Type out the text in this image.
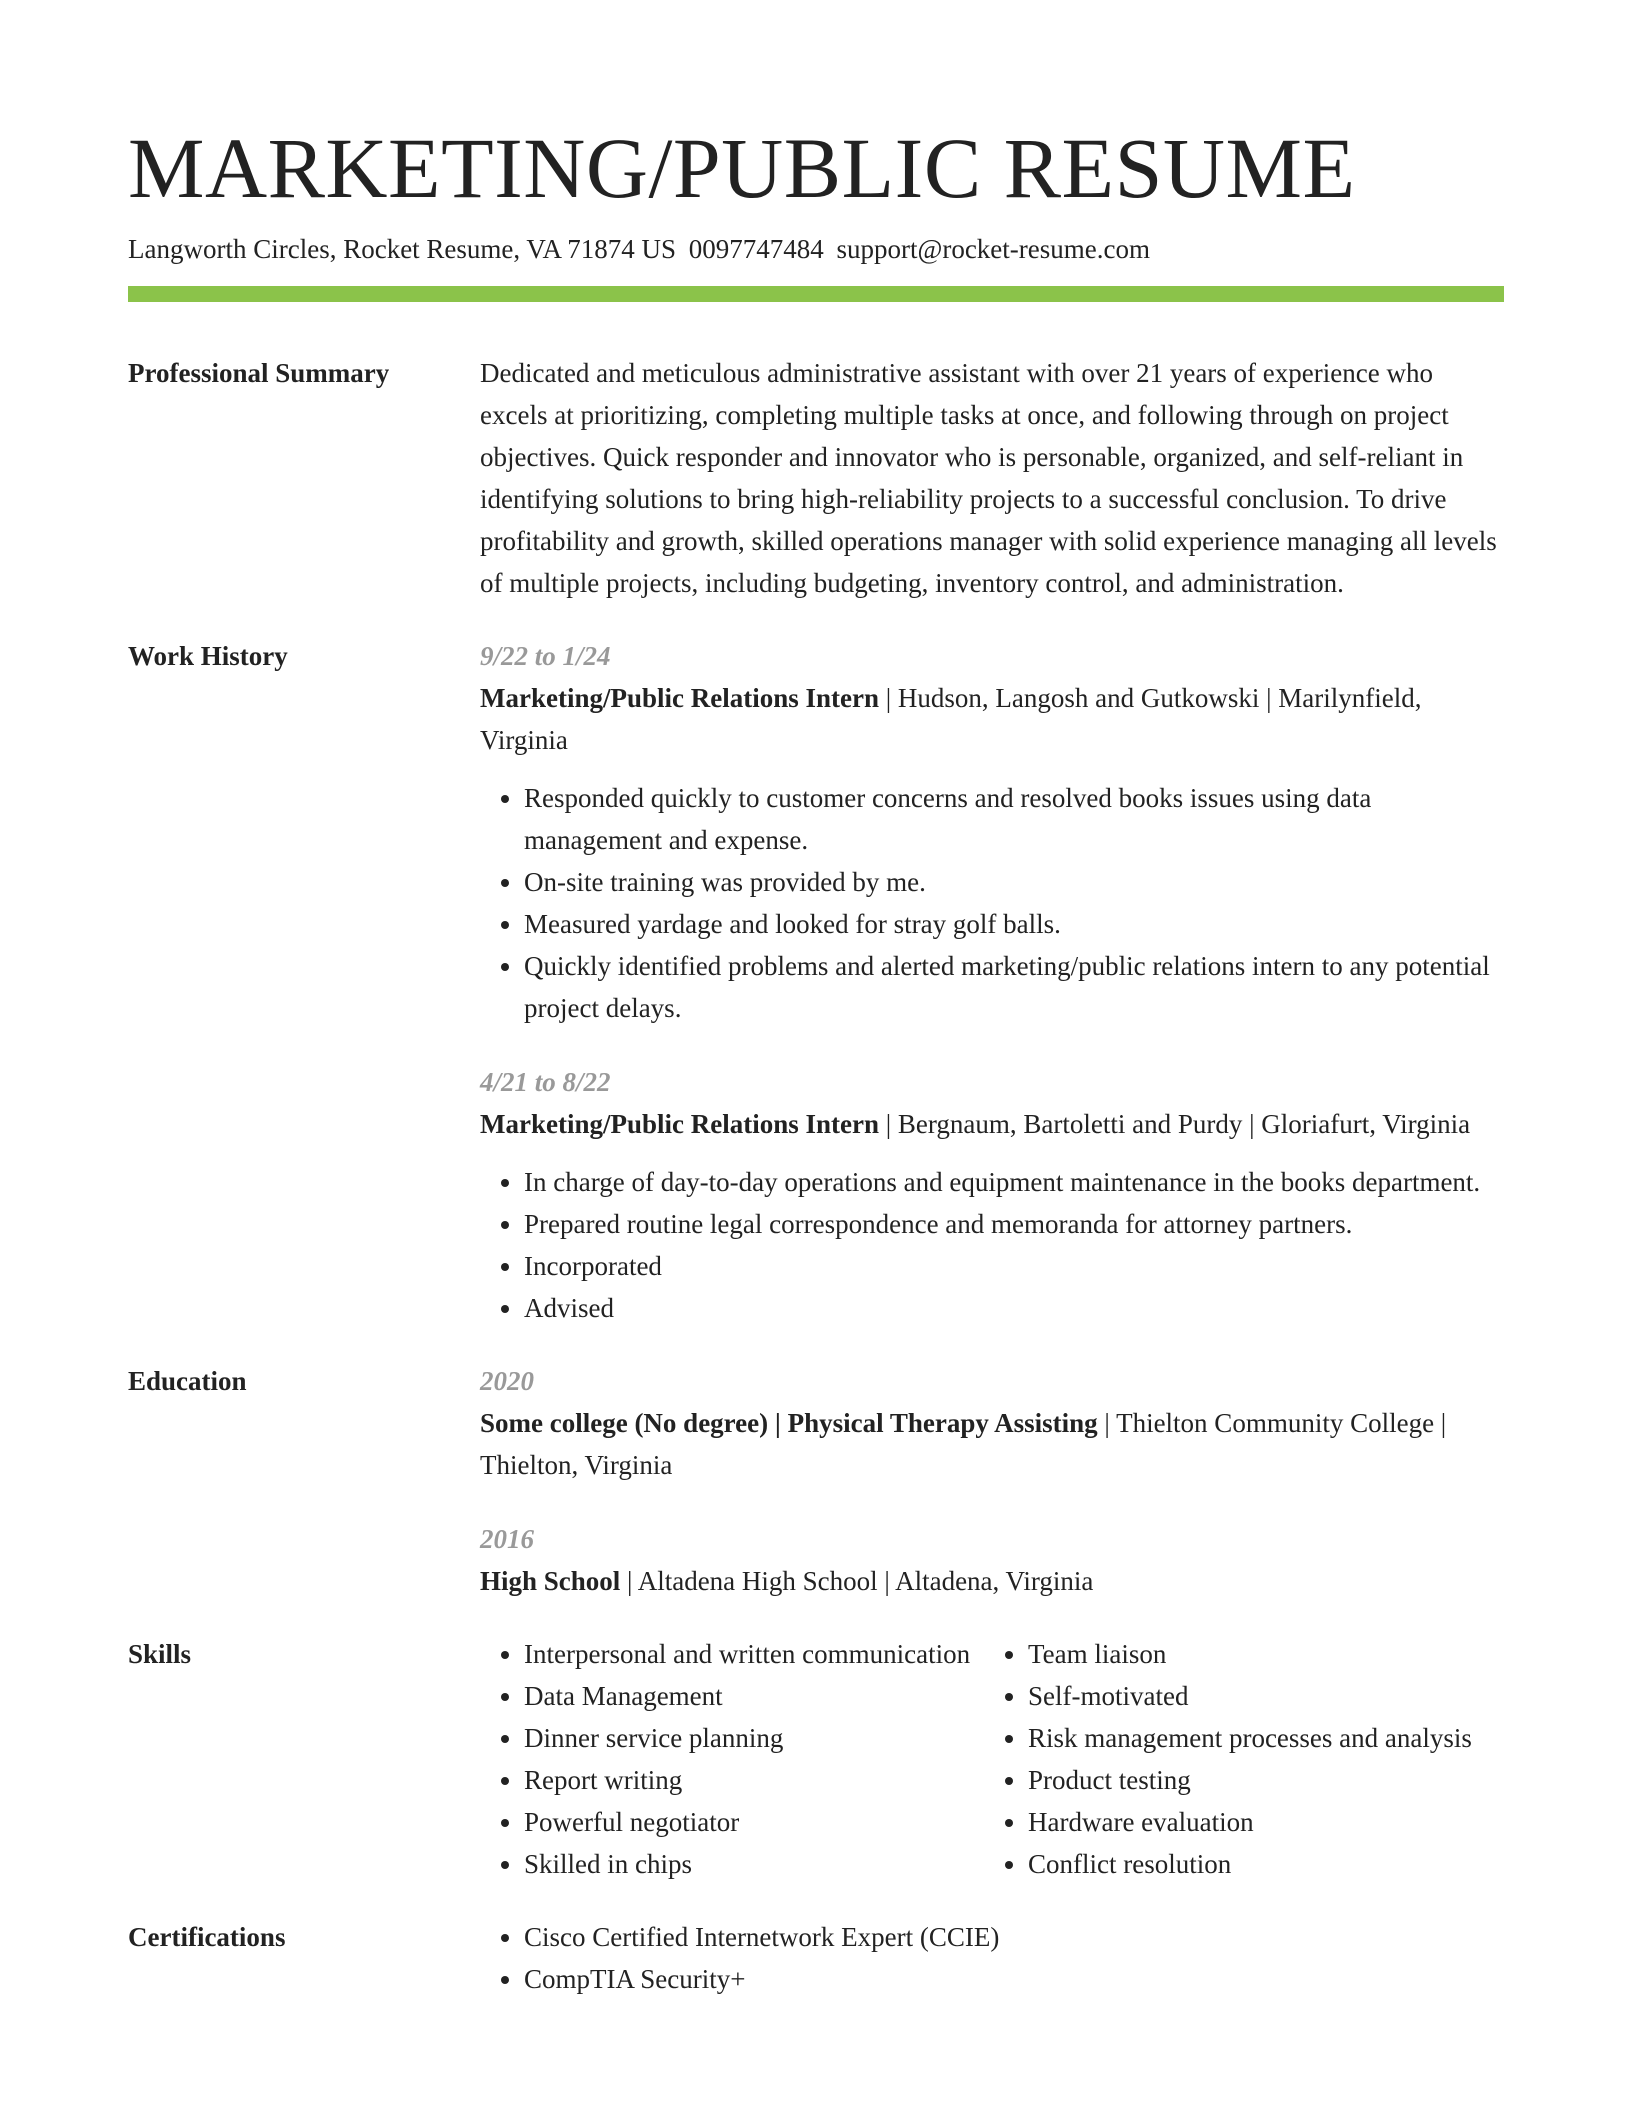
MARKETING/PUBLIC RESUME
Langworth Circles, Rocket Resume, VA 71874 US 0097747484 support@rocket-resume.com
Professional Summary	Dedicated and meticulous administrative assistant with over 21 years of experience who excels at prioritizing, completing multiple tasks at once, and following through on project objectives. Quick responder and innovator who is personable, organized, and self-reliant in identifying solutions to bring high-reliability projects to a successful conclusion. To drive profitability and growth, skilled operations manager with solid experience managing all levels of multiple projects, including budgeting, inventory control, and administration.
Work History	9/22 to 1/24
Marketing/Public Relations Intern | Hudson, Langosh and Gutkowski | Marilynfield, Virginia
• Responded quickly to customer concerns and resolved books issues using data management and expense.
• On-site training was provided by me.
• Measured yardage and looked for stray golf balls.
• Quickly identified problems and alerted marketing/public relations intern to any potential project delays.
4/21 to 8/22
Marketing/Public Relations Intern | Bergnaum, Bartoletti and Purdy | Gloriafurt, Virginia
• In charge of day-to-day operations and equipment maintenance in the books department.
• Prepared routine legal correspondence and memoranda for attorney partners.
• Incorporated
• Advised
Education	2020
Some college (No degree) | Physical Therapy Assisting | Thielton Community College | Thielton, Virginia
2016
High School | Altadena High School | Altadena, Virginia
Skills	• Interpersonal and written communication
• Data Management
• Dinner service planning
• Report writing
• Powerful negotiator
• Skilled in chips
• Team liaison
• Self-motivated
• Risk management processes and analysis
• Product testing
• Hardware evaluation
• Conflict resolution
Certifications	• Cisco Certified Internetwork Expert (CCIE)
• CompTIA Security+
